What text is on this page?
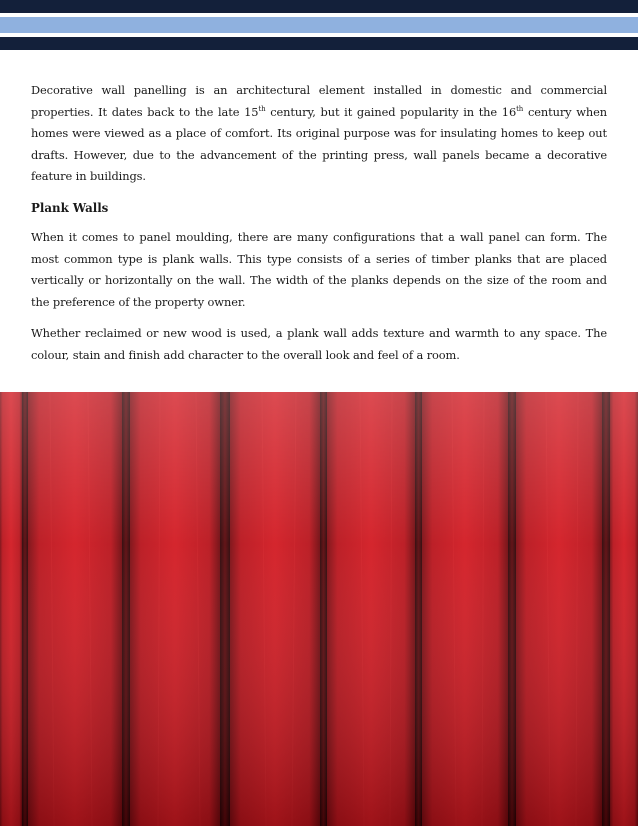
Decorative wall panelling is an architectural element installed in domestic and commercial properties. It dates back to the late 15th century, but it gained popularity in the 16th century when homes were viewed as a place of comfort. Its original purpose was for insulating homes to keep out drafts. However, due to the advancement of the printing press, wall panels became a decorative feature in buildings.

Plank Walls

When it comes to panel moulding, there are many configurations that a wall panel can form. The most common type is plank walls. This type consists of a series of timber planks that are placed vertically or horizontally on the wall. The width of the planks depends on the size of the room and the preference of the property owner.

Whether reclaimed or new wood is used, a plank wall adds texture and warmth to any space. The colour, stain and finish add character to the overall look and feel of a room.
